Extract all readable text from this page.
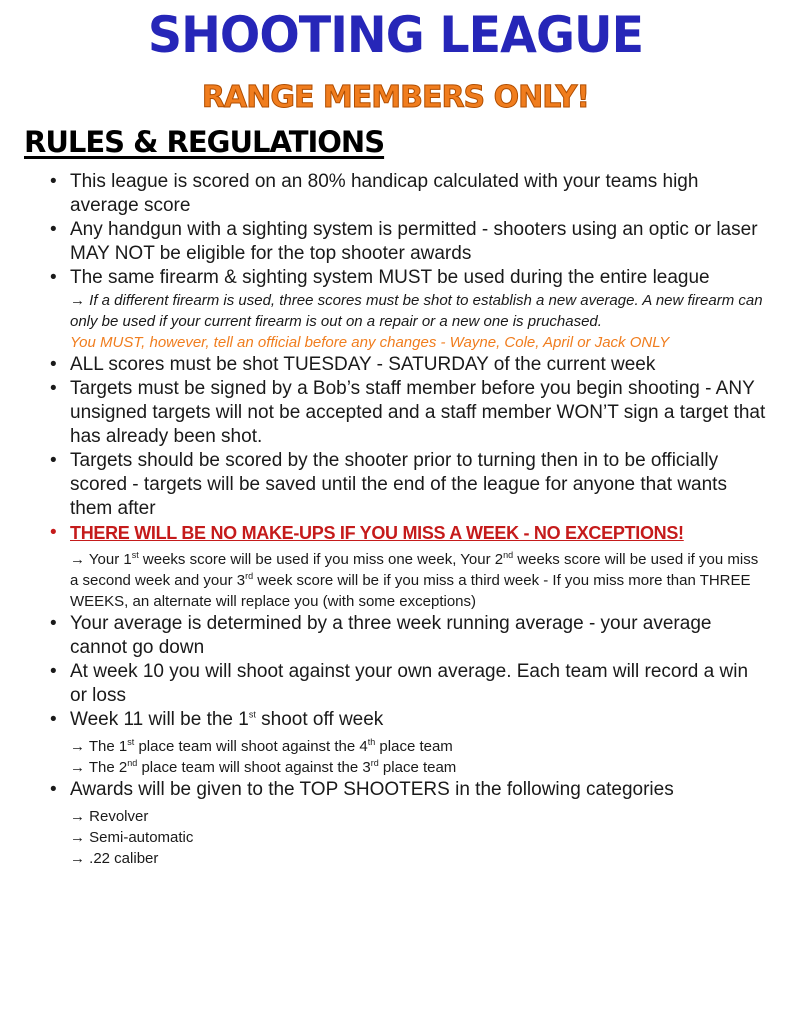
SHOOTING LEAGUE
RANGE MEMBERS ONLY!
RULES & REGULATIONS
• This league is scored on an 80% handicap calculated with your teams high average score
• Any handgun with a sighting system is permitted - shooters using an optic or laser MAY NOT be eligible for the top shooter awards
• The same firearm & sighting system MUST be used during the entire league
→ If a different firearm is used, three scores must be shot to establish a new average. A new firearm can only be used if your current firearm is out on a repair or a new one is pruchased.
You MUST, however, tell an official before any changes - Wayne, Cole, April or Jack ONLY
• ALL scores must be shot TUESDAY - SATURDAY of the current week
• Targets must be signed by a Bob’s staff member before you begin shooting - ANY unsigned targets will not be accepted and a staff member WON’T sign a target that has already been shot.
• Targets should be scored by the shooter prior to turning then in to be officially scored - targets will be saved until the end of the league for anyone that wants them after
• THERE WILL BE NO MAKE-UPS IF YOU MISS A WEEK - NO EXCEPTIONS!
→ Your 1st weeks score will be used if you miss one week, Your 2nd weeks score will be used if you miss a second week and your 3rd week score will be if you miss a third week - If you miss more than THREE WEEKS, an alternate will replace you (with some exceptions)
• Your average is determined by a three week running average - your average cannot go down
• At week 10 you will shoot against your own average. Each team will record a win or loss
• Week 11 will be the 1st shoot off week
→ The 1st place team will shoot against the 4th place team
→ The 2nd place team will shoot against the 3rd place team
• Awards will be given to the TOP SHOOTERS in the following categories
→ Revolver
→ Semi-automatic
→ .22 caliber
